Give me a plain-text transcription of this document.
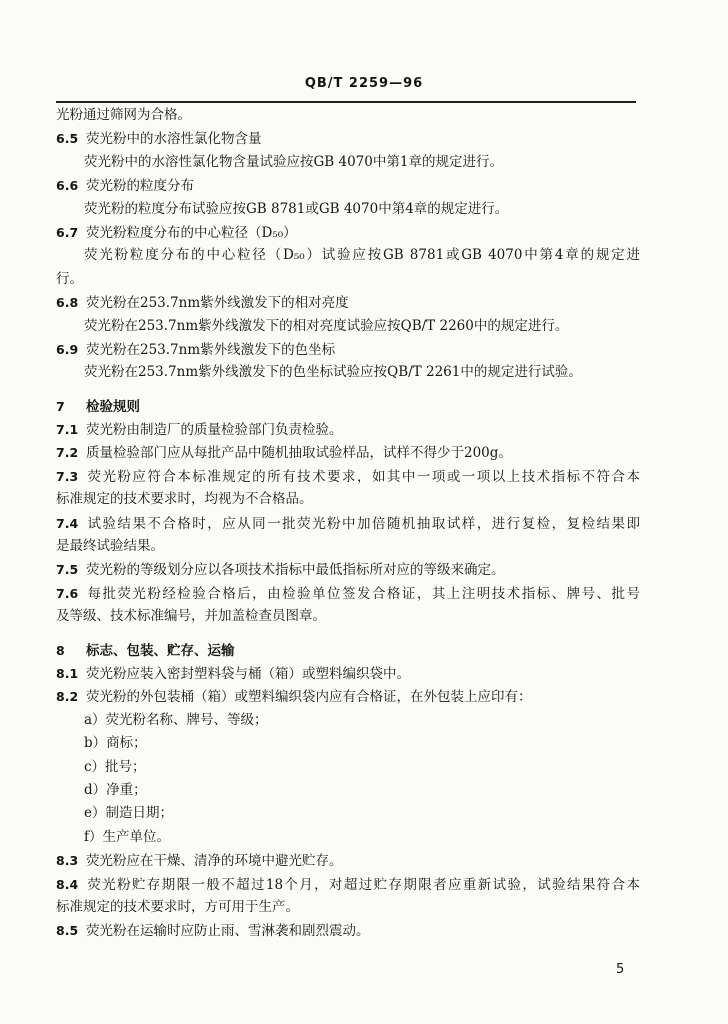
QB/T 2259—96
光粉通过筛网为合格。
6.5 荧光粉中的水溶性氯化物含量
荧光粉中的水溶性氯化物含量试验应按GB 4070中第1章的规定进行。
6.6 荧光粉的粒度分布
荧光粉的粒度分布试验应按GB 8781或GB 4070中第4章的规定进行。
6.7 荧光粉粒度分布的中心粒径（D₅₀）
荧光粉粒度分布的中心粒径（D₅₀）试验应按GB 8781或GB 4070中第4章的规定进
行。
6.8 荧光粉在253.7nm紫外线激发下的相对亮度
荧光粉在253.7nm紫外线激发下的相对亮度试验应按QB/T 2260中的规定进行。
6.9 荧光粉在253.7nm紫外线激发下的色坐标
荧光粉在253.7nm紫外线激发下的色坐标试验应按QB/T 2261中的规定进行试验。
7 检验规则
7.1 荧光粉由制造厂的质量检验部门负责检验。
7.2 质量检验部门应从每批产品中随机抽取试验样品，试样不得少于200g。
7.3 荧光粉应符合本标准规定的所有技术要求，如其中一项或一项以上技术指标不符合本
标准规定的技术要求时，均视为不合格品。
7.4 试验结果不合格时，应从同一批荧光粉中加倍随机抽取试样，进行复检，复检结果即
是最终试验结果。
7.5 荧光粉的等级划分应以各项技术指标中最低指标所对应的等级来确定。
7.6 每批荧光粉经检验合格后，由检验单位签发合格证，其上注明技术指标、牌号、批号
及等级、技术标准编号，并加盖检查员图章。
8 标志、包装、贮存、运输
8.1 荧光粉应装入密封塑料袋与桶（箱）或塑料编织袋中。
8.2 荧光粉的外包装桶（箱）或塑料编织袋内应有合格证，在外包装上应印有：
a）荧光粉名称、牌号、等级；
b）商标；
c）批号；
d）净重；
e）制造日期；
f）生产单位。
8.3 荧光粉应在干燥、清净的环境中避光贮存。
8.4 荧光粉贮存期限一般不超过18个月，对超过贮存期限者应重新试验，试验结果符合本
标准规定的技术要求时，方可用于生产。
8.5 荧光粉在运输时应防止雨、雪淋袭和剧烈震动。
5
